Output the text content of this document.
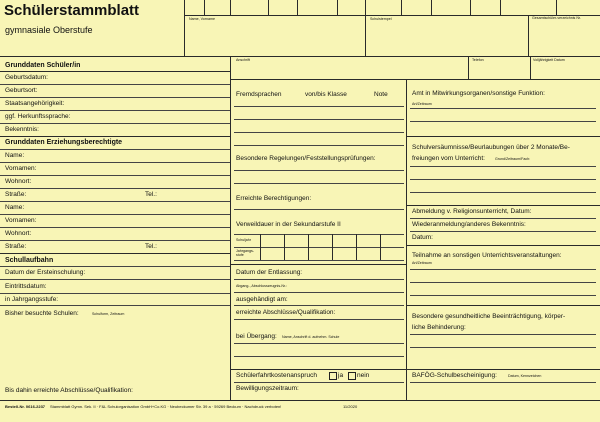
Schülerstammblatt
gymnasiale Oberstufe
Name, Vorname	Schulstempel	Gesamtschüler-verzeichnis Nr.
Anschrift	Telefon	Volljährigkeit Datum
Grunddaten Schüler/in
Geburtsdatum:
Geburtsort:
Staatsangehörigkeit:
ggf. Herkunftssprache:
Bekenntnis:
Grunddaten Erziehungsberechtigte
Name:
Vornamen:
Wohnort:
Straße:	Tel.:
Name:
Vornamen:
Wohnort:
Straße:	Tel.:
Schullaufbahn
Datum der Ersteinschulung:
Eintrittsdatum:
in Jahrgangsstufe:
Bisher besuchte Schulen:	Schulform, Zeitraum
Bis dahin erreichte Abschlüsse/Qualifikation:
Fremdsprachen	von/bis Klasse	Note
Besondere Regelungen/Feststellungsprüfungen:
Erreichte Berechtigungen:
Verweildauer in der Sekundarstufe II
Schuljahr
Jahrgangs-stufe
Datum der Entlassung:
Abgang-, Abschlusszeugnis-Nr.:
ausgehändigt am:
erreichte Abschlüsse/Qualifikation:
bei Übergang: Name, Anschrift d. aufnehm. Schule
Schülerfahrtkostenanspruch	ja nein
Bewilligungszeitraum:
Amt in Mitwirkungsorganen/sonstige Funktion:
Art/Zeitraum
Schulversäumnisse/Beurlaubungen über 2 Monate/Be-
freiungen vom Unterricht:	Grund/Zeitraum/Fach:
Abmeldung v. Religionsunterricht, Datum:
Wiederanmeldung/anderes Bekenntnis:
Datum:
Teilnahme an sonstigen Unterrichtsveranstaltungen:
Art/Zeitraum
Besondere gesundheitliche Beeinträchtigung, körper-
liche Behinderung:
BAFÖG-Schulbescheinigung:	Datum, Kennzeichen
Bestell-Nr. 0616-2237 Stammblatt Gymn. Sek. II · F&L Schulorganisation GmbH+Co.KG · Neubeckumer Str. 39 a · 59269 Beckum · Nachdruck verboten!	11/2020
